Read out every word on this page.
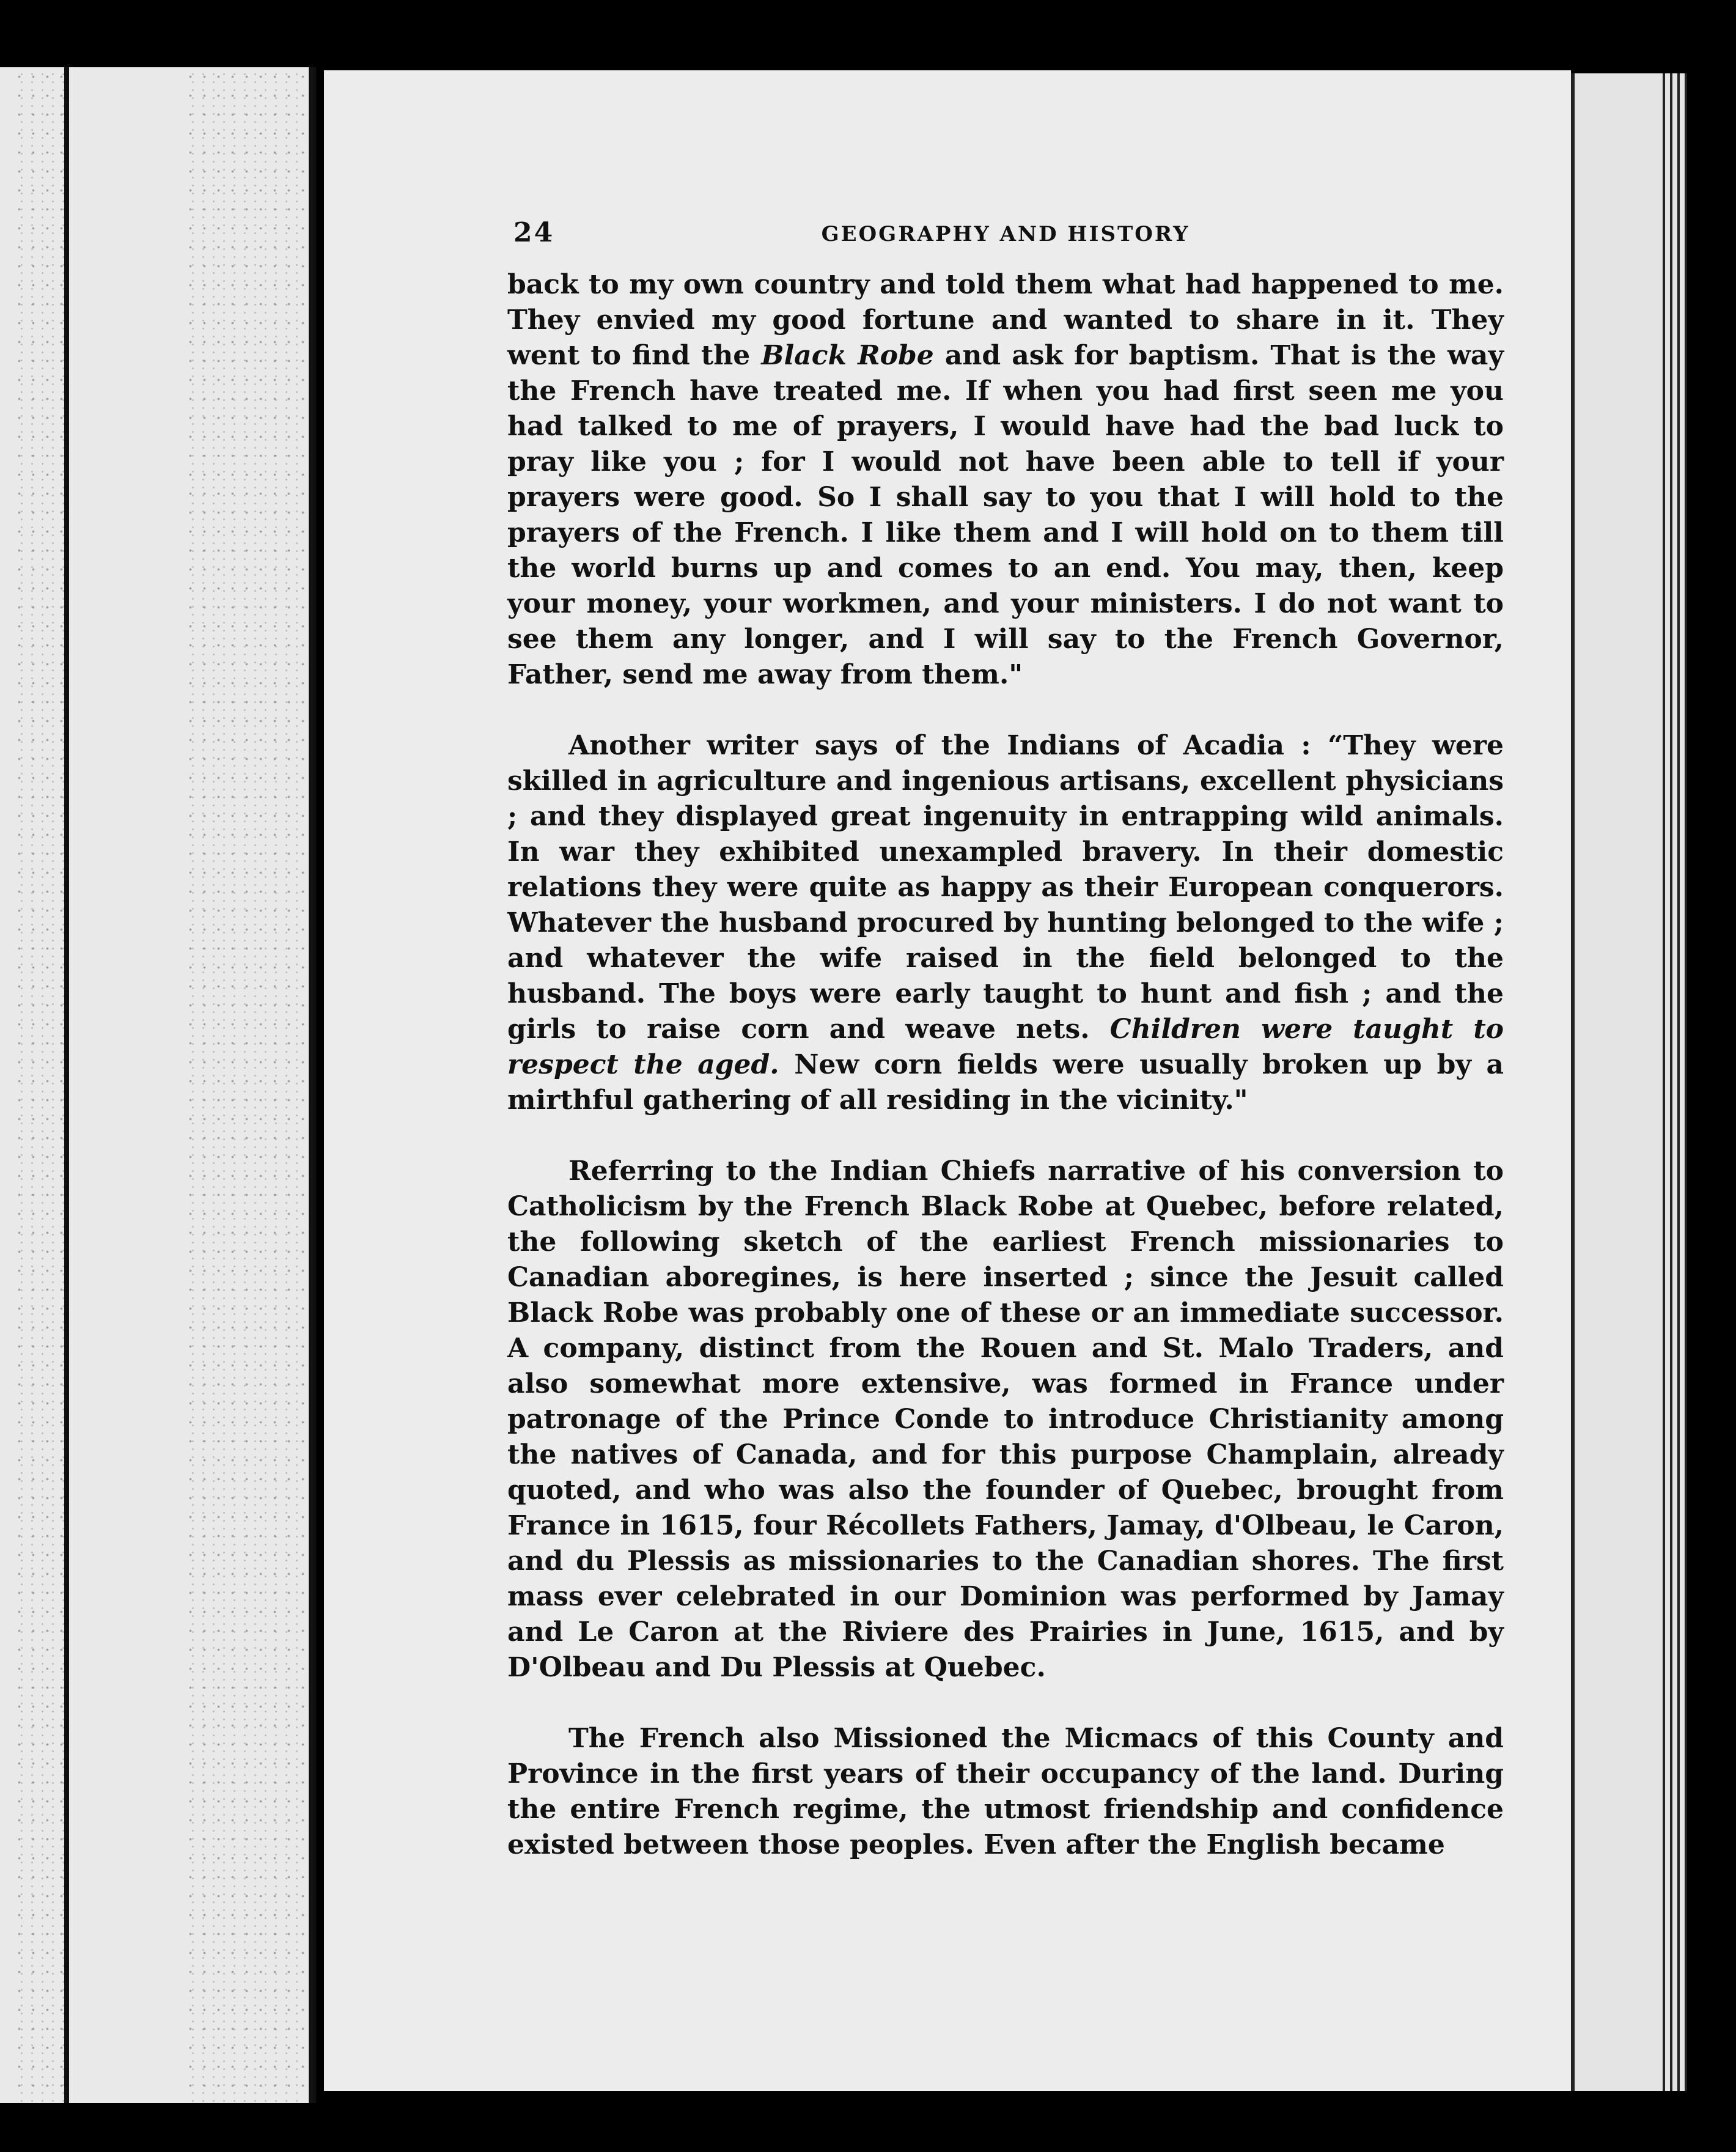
24	GEOGRAPHY AND HISTORY

back to my own country and told them what had happened to me. They envied my good fortune and wanted to share in it. They went to find the Black Robe and ask for baptism. That is the way the French have treated me. If when you had first seen me you had talked to me of prayers, I would have had the bad luck to pray like you ; for I would not have been able to tell if your prayers were good. So I shall say to you that I will hold to the prayers of the French. I like them and I will hold on to them till the world burns up and comes to an end. You may, then, keep your money, your workmen, and your ministers. I do not want to see them any longer, and I will say to the French Governor, Father, send me away from them."

Another writer says of the Indians of Acadia : “They were skilled in agriculture and ingenious artisans, excellent physicians ; and they displayed great ingenuity in entrapping wild animals. In war they exhibited unexampled bravery. In their domestic relations they were quite as happy as their European conquerors. Whatever the husband procured by hunting belonged to the wife ; and whatever the wife raised in the field belonged to the husband. The boys were early taught to hunt and fish ; and the girls to raise corn and weave nets. Children were taught to respect the aged. New corn fields were usually broken up by a mirthful gathering of all residing in the vicinity."

Referring to the Indian Chiefs narrative of his conversion to Catholicism by the French Black Robe at Quebec, before related, the following sketch of the earliest French missionaries to Canadian aboregines, is here inserted ; since the Jesuit called Black Robe was probably one of these or an immediate successor. A company, distinct from the Rouen and St. Malo Traders, and also somewhat more extensive, was formed in France under patronage of the Prince Conde to introduce Christianity among the natives of Canada, and for this purpose Champlain, already quoted, and who was also the founder of Quebec, brought from France in 1615, four Récollets Fathers, Jamay, d'Olbeau, le Caron, and du Plessis as missionaries to the Canadian shores. The first mass ever celebrated in our Dominion was performed by Jamay and Le Caron at the Riviere des Prairies in June, 1615, and by D'Olbeau and Du Plessis at Quebec.

The French also Missioned the Micmacs of this County and Province in the first years of their occupancy of the land. During the entire French regime, the utmost friendship and confidence existed between those peoples. Even after the English became
